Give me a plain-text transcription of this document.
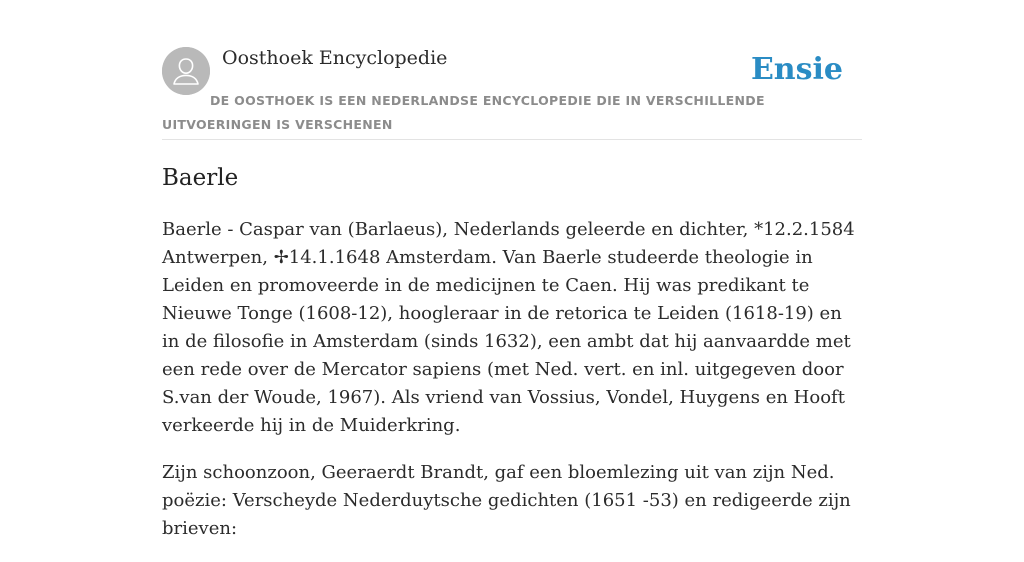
Oosthoek Encyclopedie	Ensie
DE OOSTHOEK IS EEN NEDERLANDSE ENCYCLOPEDIE DIE IN VERSCHILLENDE UITVOERINGEN IS VERSCHENEN
Baerle

Baerle - Caspar van (Barlaeus), Nederlands geleerde en dichter, *12.2.1584 Antwerpen, ✢14.1.1648 Amsterdam. Van Baerle studeerde theologie in Leiden en promoveerde in de medicijnen te Caen. Hij was predikant te Nieuwe Tonge (1608-12), hoogleraar in de retorica te Leiden (1618-19) en in de filosofie in Amsterdam (sinds 1632), een ambt dat hij aanvaardde met een rede over de Mercator sapiens (met Ned. vert. en inl. uitgegeven door S.van der Woude, 1967). Als vriend van Vossius, Vondel, Huygens en Hooft verkeerde hij in de Muiderkring.

Zijn schoonzoon, Geeraerdt Brandt, gaf een bloemlezing uit van zijn Ned. poëzie: Verscheyde Nederduytsche gedichten (1651 -53) en redigeerde zijn brieven:
